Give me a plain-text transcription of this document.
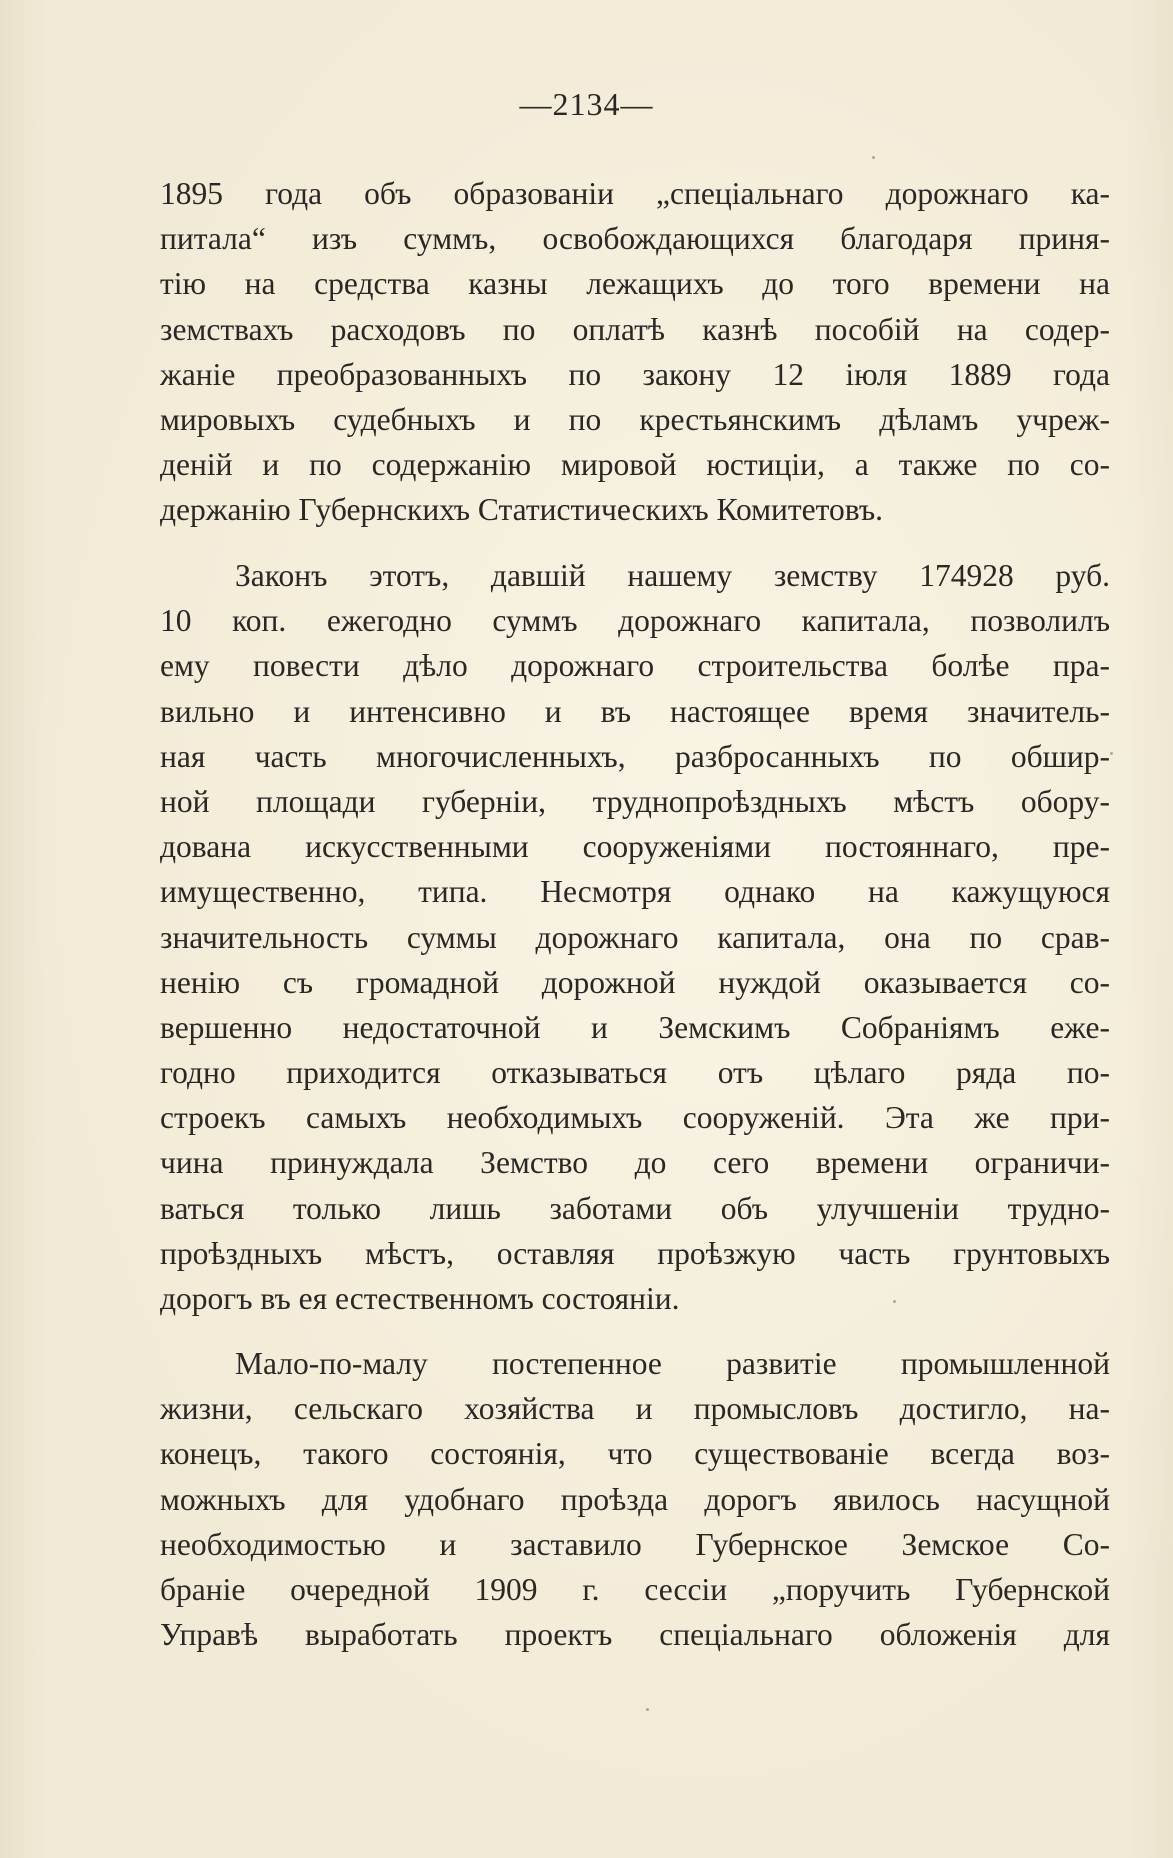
—2134—
1895 года объ образованіи „спеціальнаго дорожнаго ка-
питала“ изъ суммъ, освобождающихся благодаря приня-
тію на средства казны лежащихъ до того времени на
земствахъ расходовъ по оплатѣ казнѣ пособій на содер-
жаніе преобразованныхъ по закону 12 іюля 1889 года
мировыхъ судебныхъ и по крестьянскимъ дѣламъ учреж-
деній и по содержанію мировой юстиціи, а также по со-
держанію Губернскихъ Статистическихъ Комитетовъ.
Законъ этотъ, давшій нашему земству 174928 руб.
10 коп. ежегодно суммъ дорожнаго капитала, позволилъ
ему повести дѣло дорожнаго строительства болѣе пра-
вильно и интенсивно и въ настоящее время значитель-
ная часть многочисленныхъ, разбросанныхъ по обшир-
ной площади губерніи, труднопроѣздныхъ мѣстъ обору-
дована искусственными сооруженіями постояннаго, пре-
имущественно, типа. Несмотря однако на кажущуюся
значительность суммы дорожнаго капитала, она по срав-
ненію съ громадной дорожной нуждой оказывается со-
вершенно недостаточной и Земскимъ Собраніямъ еже-
годно приходится отказываться отъ цѣлаго ряда по-
строекъ самыхъ необходимыхъ сооруженій. Эта же при-
чина принуждала Земство до сего времени ограничи-
ваться только лишь заботами объ улучшеніи трудно-
проѣздныхъ мѣстъ, оставляя проѣзжую часть грунтовыхъ
дорогъ въ ея естественномъ состояніи.
Мало-по-малу постепенное развитіе промышленной
жизни, сельскаго хозяйства и промысловъ достигло, на-
конецъ, такого состоянія, что существованіе всегда воз-
можныхъ для удобнаго проѣзда дорогъ явилось насущной
необходимостью и заставило Губернское Земское Со-
браніе очередной 1909 г. сессіи „поручить Губернской
Управѣ выработать проектъ спеціальнаго обложенія для
